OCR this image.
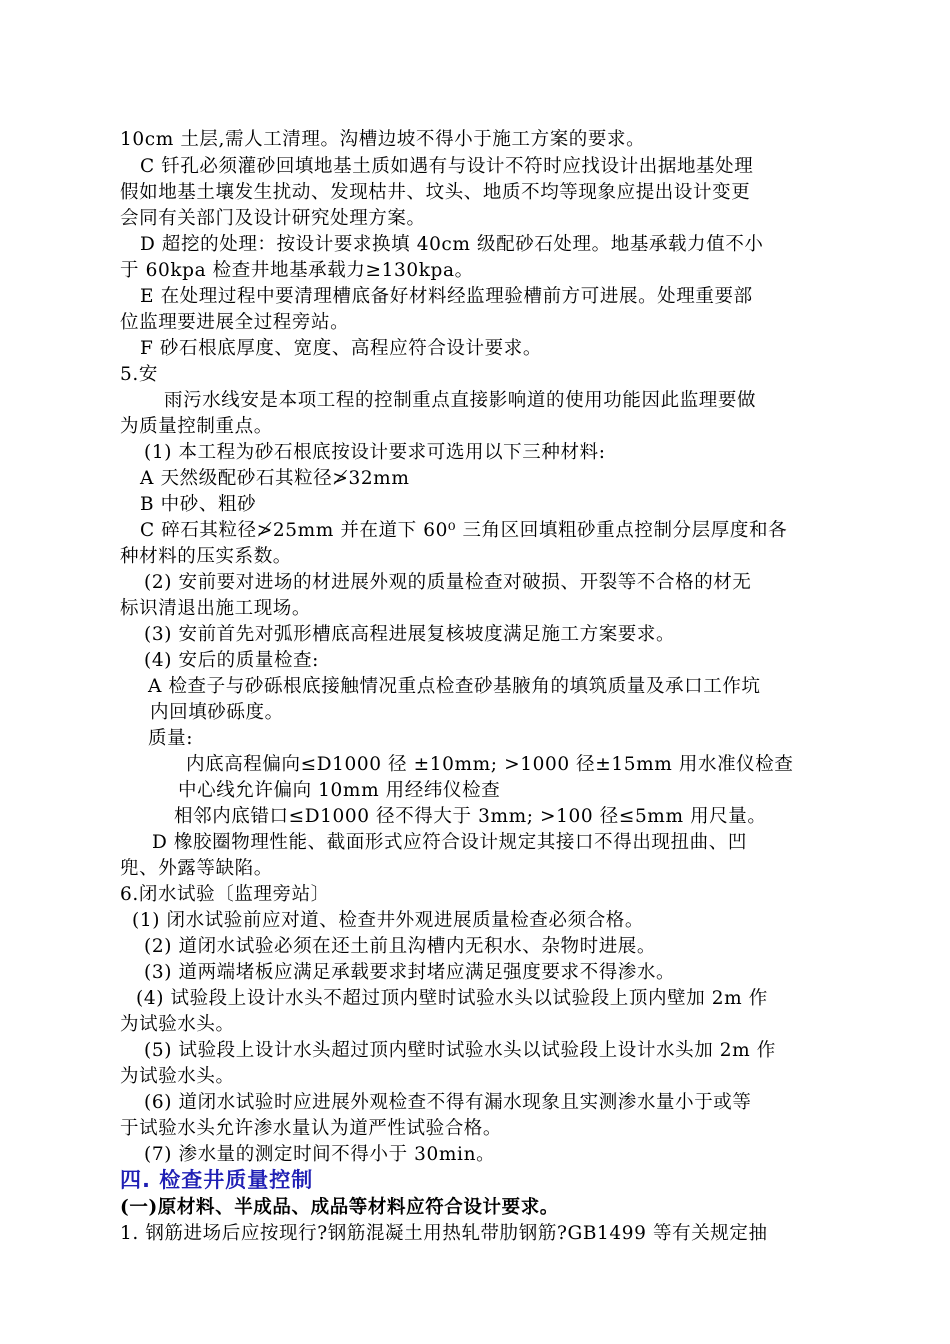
10cm 土层,需人工清理。沟槽边坡不得小于施工方案的要求。
C 钎孔必须灌砂回填地基土质如遇有与设计不符时应找设计出据地基处理
假如地基土壤发生扰动、发现枯井、坟头、地质不均等现象应提出设计变更
会同有关部门及设计研究处理方案。
D 超挖的处理：按设计要求换填 40cm 级配砂石处理。地基承载力值不小
于 60kpa 检查井地基承载力≥130kpa。
E 在处理过程中要清理槽底备好材料经监理验槽前方可进展。处理重要部
位监理要进展全过程旁站。
F 砂石根底厚度、宽度、高程应符合设计要求。
5.安
雨污水线安是本项工程的控制重点直接影响道的使用功能因此监理要做
为质量控制重点。
(1) 本工程为砂石根底按设计要求可选用以下三种材料:
A 天然级配砂石其粒径≯32mm
B 中砂、粗砂
C 碎石其粒径≯25mm 并在道下 60⁰ 三角区回填粗砂重点控制分层厚度和各
种材料的压实系数。
(2) 安前要对进场的材进展外观的质量检查对破损、开裂等不合格的材无
标识清退出施工现场。
(3) 安前首先对弧形槽底高程进展复核坡度满足施工方案要求。
(4) 安后的质量检查:
A 检查子与砂砾根底接触情况重点检查砂基腋角的填筑质量及承口工作坑
内回填砂砾度。
质量:
内底高程偏向≤D1000 径 ±10mm; >1000 径±15mm 用水准仪检查
中心线允许偏向 10mm 用经纬仪检查
相邻内底错口≤D1000 径不得大于 3mm; >100 径≤5mm 用尺量。
D 橡胶圈物理性能、截面形式应符合设计规定其接口不得出现扭曲、凹
兜、外露等缺陷。
6.闭水试验〔监理旁站〕
(1) 闭水试验前应对道、检查井外观进展质量检查必须合格。
(2) 道闭水试验必须在还土前且沟槽内无积水、杂物时进展。
(3) 道两端堵板应满足承载要求封堵应满足强度要求不得渗水。
(4) 试验段上设计水头不超过顶内壁时试验水头以试验段上顶内壁加 2m 作
为试验水头。
(5) 试验段上设计水头超过顶内壁时试验水头以试验段上设计水头加 2m 作
为试验水头。
(6) 道闭水试验时应进展外观检查不得有漏水现象且实测渗水量小于或等
于试验水头允许渗水量认为道严性试验合格。
(7) 渗水量的测定时间不得小于 30min。
四. 检查井质量控制
(一)原材料、半成品、成品等材料应符合设计要求。
1. 钢筋进场后应按现行?钢筋混凝土用热轧带肋钢筋?GB1499 等有关规定抽
